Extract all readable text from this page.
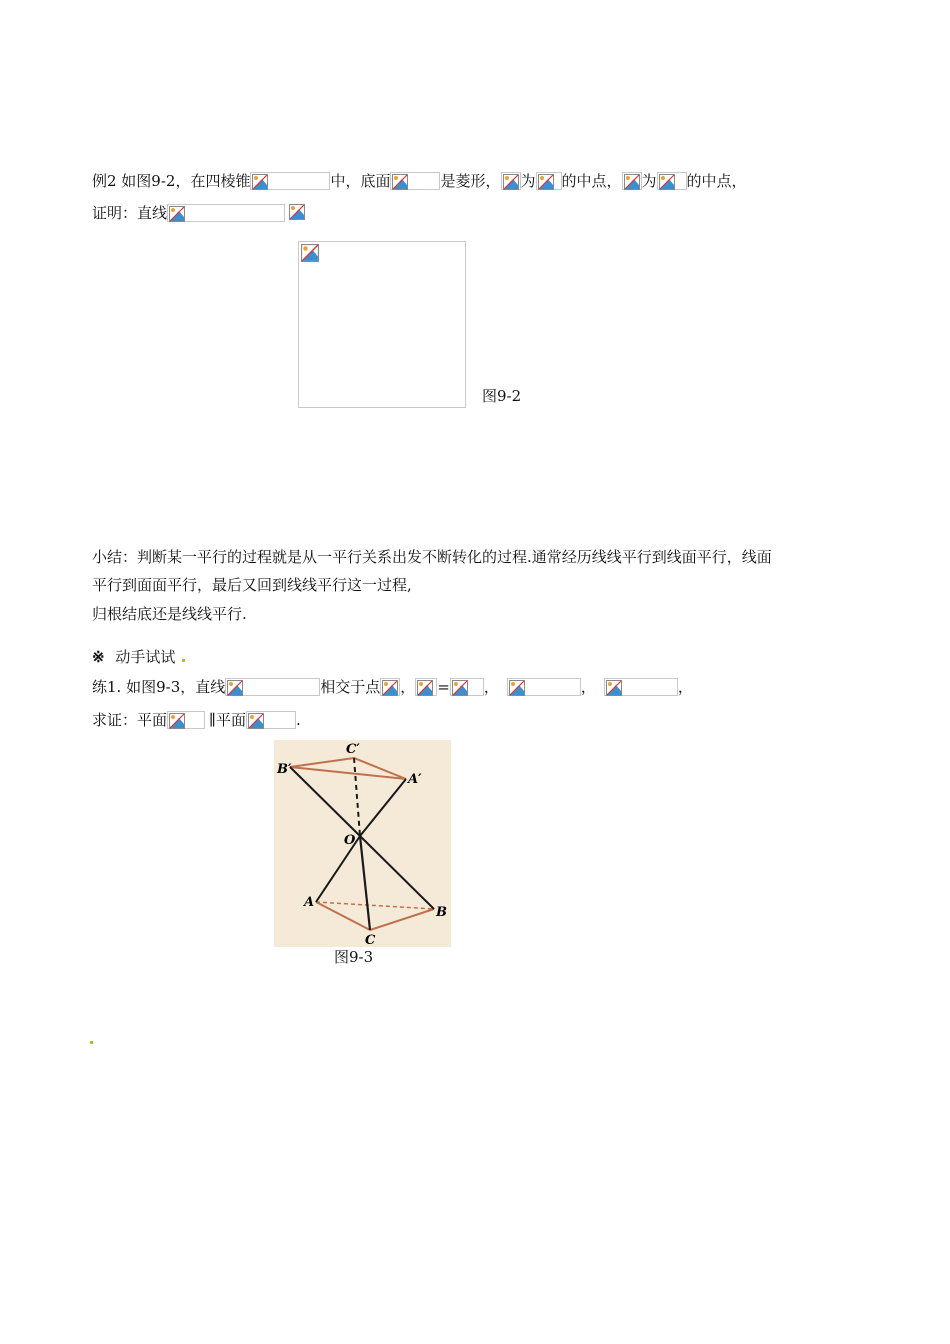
例2 如图9-2，在四棱锥	中，底面	是菱形， 为 的中点， 为 的中点，
证明：直线
图9-2
小结：判断某一平行的过程就是从一平行关系出发不断转化的过程.通常经历线线平行到线面平行，线面
平行到面面平行，最后又回到线线平行这一过程,
归根结底还是线线平行.
※ 动手试试
练1. 如图9-3，直线	相交于点 ， = ，	，	，
求证：平面	∥平面	.
C′
B′
A′
O
A
B
C
图9-3
